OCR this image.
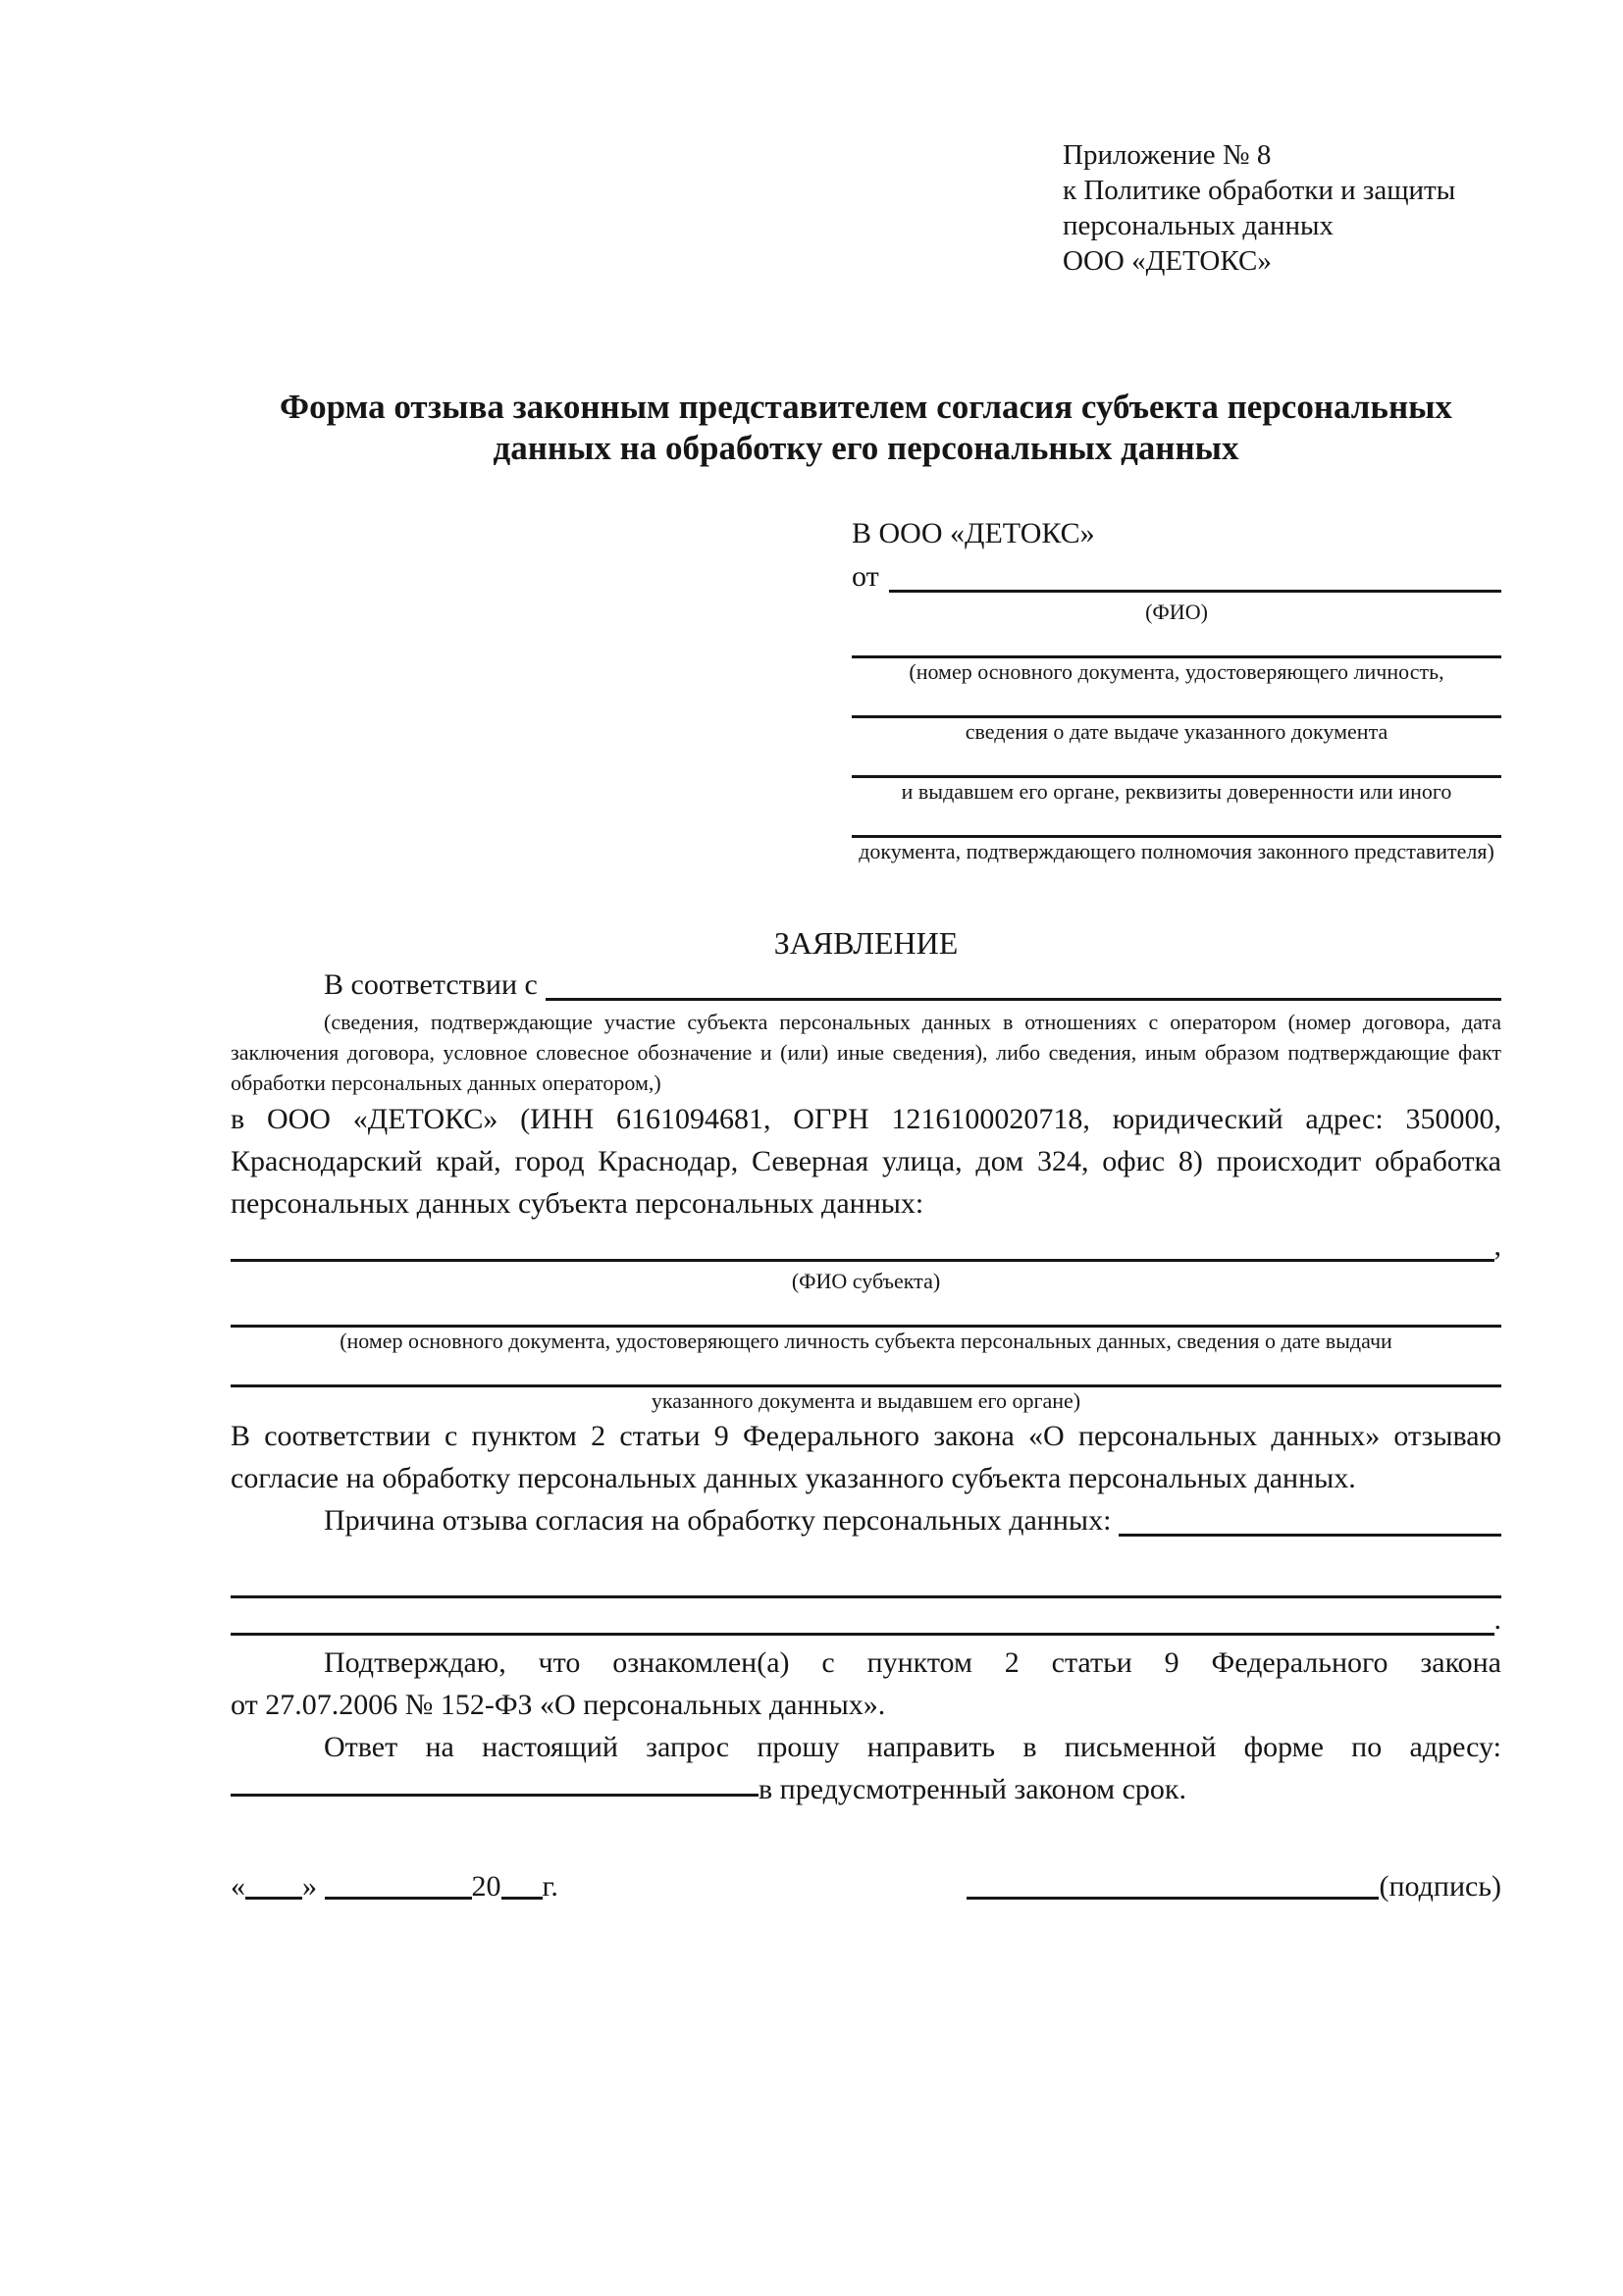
Приложение № 8
к Политике обработки и защиты
персональных данных
ООО «ДЕТОКС»
Форма отзыва законным представителем согласия субъекта персональных данных на обработку его персональных данных
В ООО «ДЕТОКС»
от
(ФИО)
(номер основного документа, удостоверяющего личность,
сведения о дате выдаче указанного документа
и выдавшем его органе, реквизиты доверенности или иного
документа, подтверждающего полномочия законного представителя)
ЗАЯВЛЕНИЕ
В соответствии с
(сведения, подтверждающие участие субъекта персональных данных в отношениях с оператором (номер договора, дата заключения договора, условное словесное обозначение и (или) иные сведения), либо сведения, иным образом подтверждающие факт обработки персональных данных оператором,)
в ООО «ДЕТОКС» (ИНН 6161094681, ОГРН 1216100020718, юридический адрес: 350000, Краснодарский край, город Краснодар, Северная улица, дом 324, офис 8) происходит обработка персональных данных субъекта персональных данных:
,
(ФИО субъекта)
(номер основного документа, удостоверяющего личность субъекта персональных данных, сведения о дате выдачи
указанного документа и выдавшем его органе)
В соответствии с пунктом 2 статьи 9 Федерального закона «О персональных данных» отзываю согласие на обработку персональных данных указанного субъекта персональных данных.
Причина отзыва согласия на обработку персональных данных:
.
Подтверждаю, что ознакомлен(а) с пунктом 2 статьи 9 Федерального закона
от 27.07.2006 № 152-ФЗ «О персональных данных».
Ответ на настоящий запрос прошу направить в письменной форме по адресу:
в предусмотренный законом срок.
« »	20 г.	(подпись)
